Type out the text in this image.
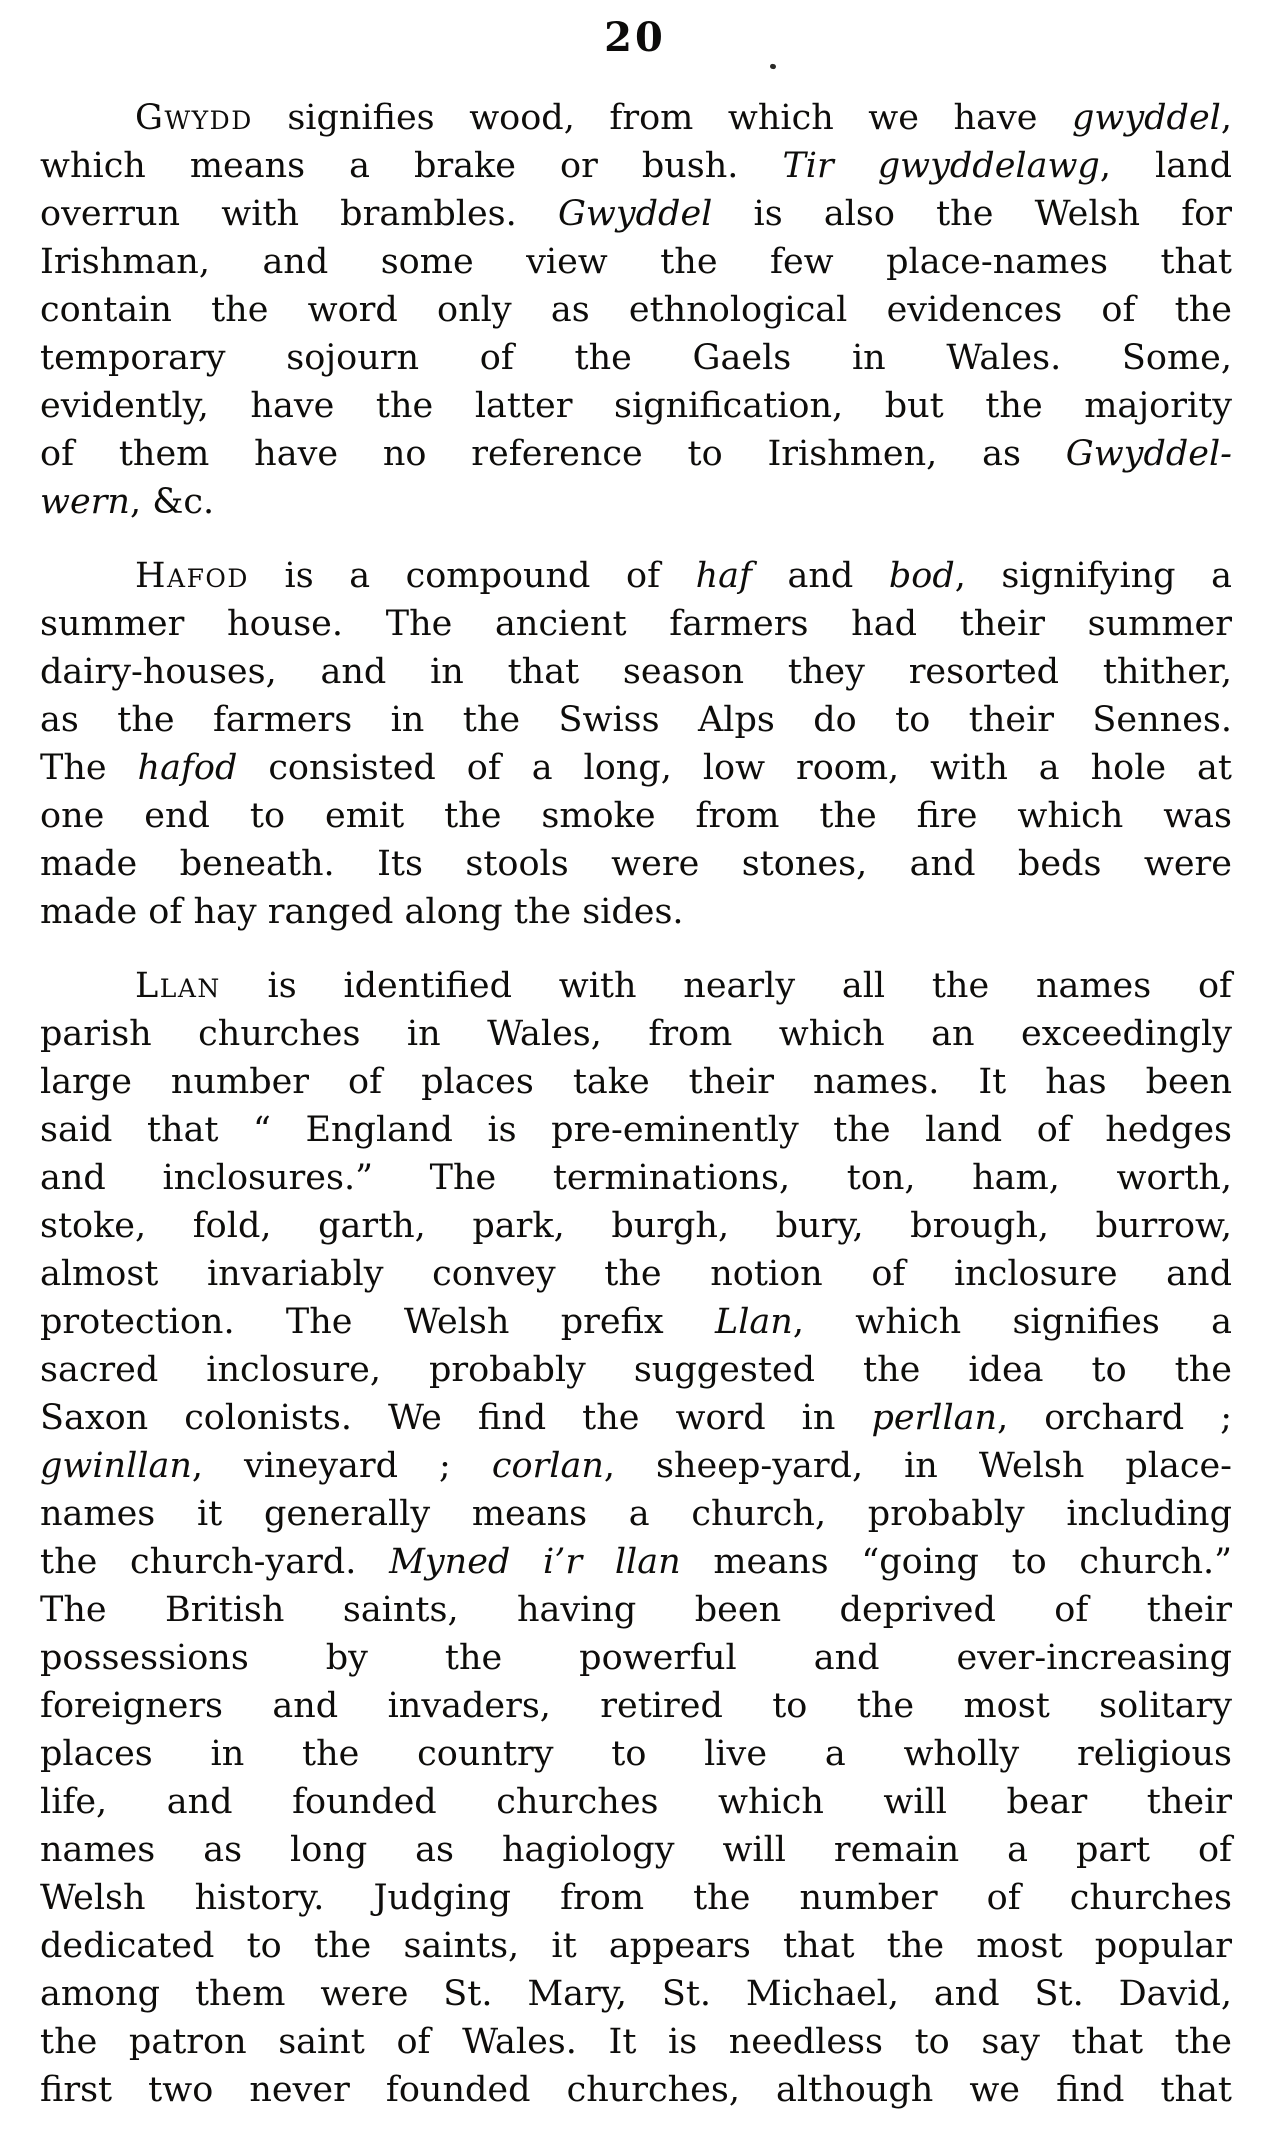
20

Gwydd signifies wood, from which we have gwyddel,
which means a brake or bush. Tir gwyddelawg, land
overrun with brambles. Gwyddel is also the Welsh for
Irishman, and some view the few place-names that
contain the word only as ethnological evidences of the
temporary sojourn of the Gaels in Wales. Some,
evidently, have the latter signification, but the majority
of them have no reference to Irishmen, as Gwyddel-
wern, &c.

Hafod is a compound of haf and bod, signifying a
summer house. The ancient farmers had their summer
dairy-houses, and in that season they resorted thither,
as the farmers in the Swiss Alps do to their Sennes.
The hafod consisted of a long, low room, with a hole at
one end to emit the smoke from the fire which was
made beneath. Its stools were stones, and beds were
made of hay ranged along the sides.

Llan is identified with nearly all the names of
parish churches in Wales, from which an exceedingly
large number of places take their names. It has been
said that “ England is pre-eminently the land of hedges
and inclosures.” The terminations, ton, ham, worth,
stoke, fold, garth, park, burgh, bury, brough, burrow,
almost invariably convey the notion of inclosure and
protection. The Welsh prefix Llan, which signifies a
sacred inclosure, probably suggested the idea to the
Saxon colonists. We find the word in perllan, orchard ;
gwinllan, vineyard ; corlan, sheep-yard, in Welsh place-
names it generally means a church, probably including
the church-yard. Myned i’r llan means “going to church.”
The British saints, having been deprived of their
possessions by the powerful and ever-increasing
foreigners and invaders, retired to the most solitary
places in the country to live a wholly religious
life, and founded churches which will bear their
names as long as hagiology will remain a part of
Welsh history. Judging from the number of churches
dedicated to the saints, it appears that the most popular
among them were St. Mary, St. Michael, and St. David,
the patron saint of Wales. It is needless to say that the
first two never founded churches, although we find that
